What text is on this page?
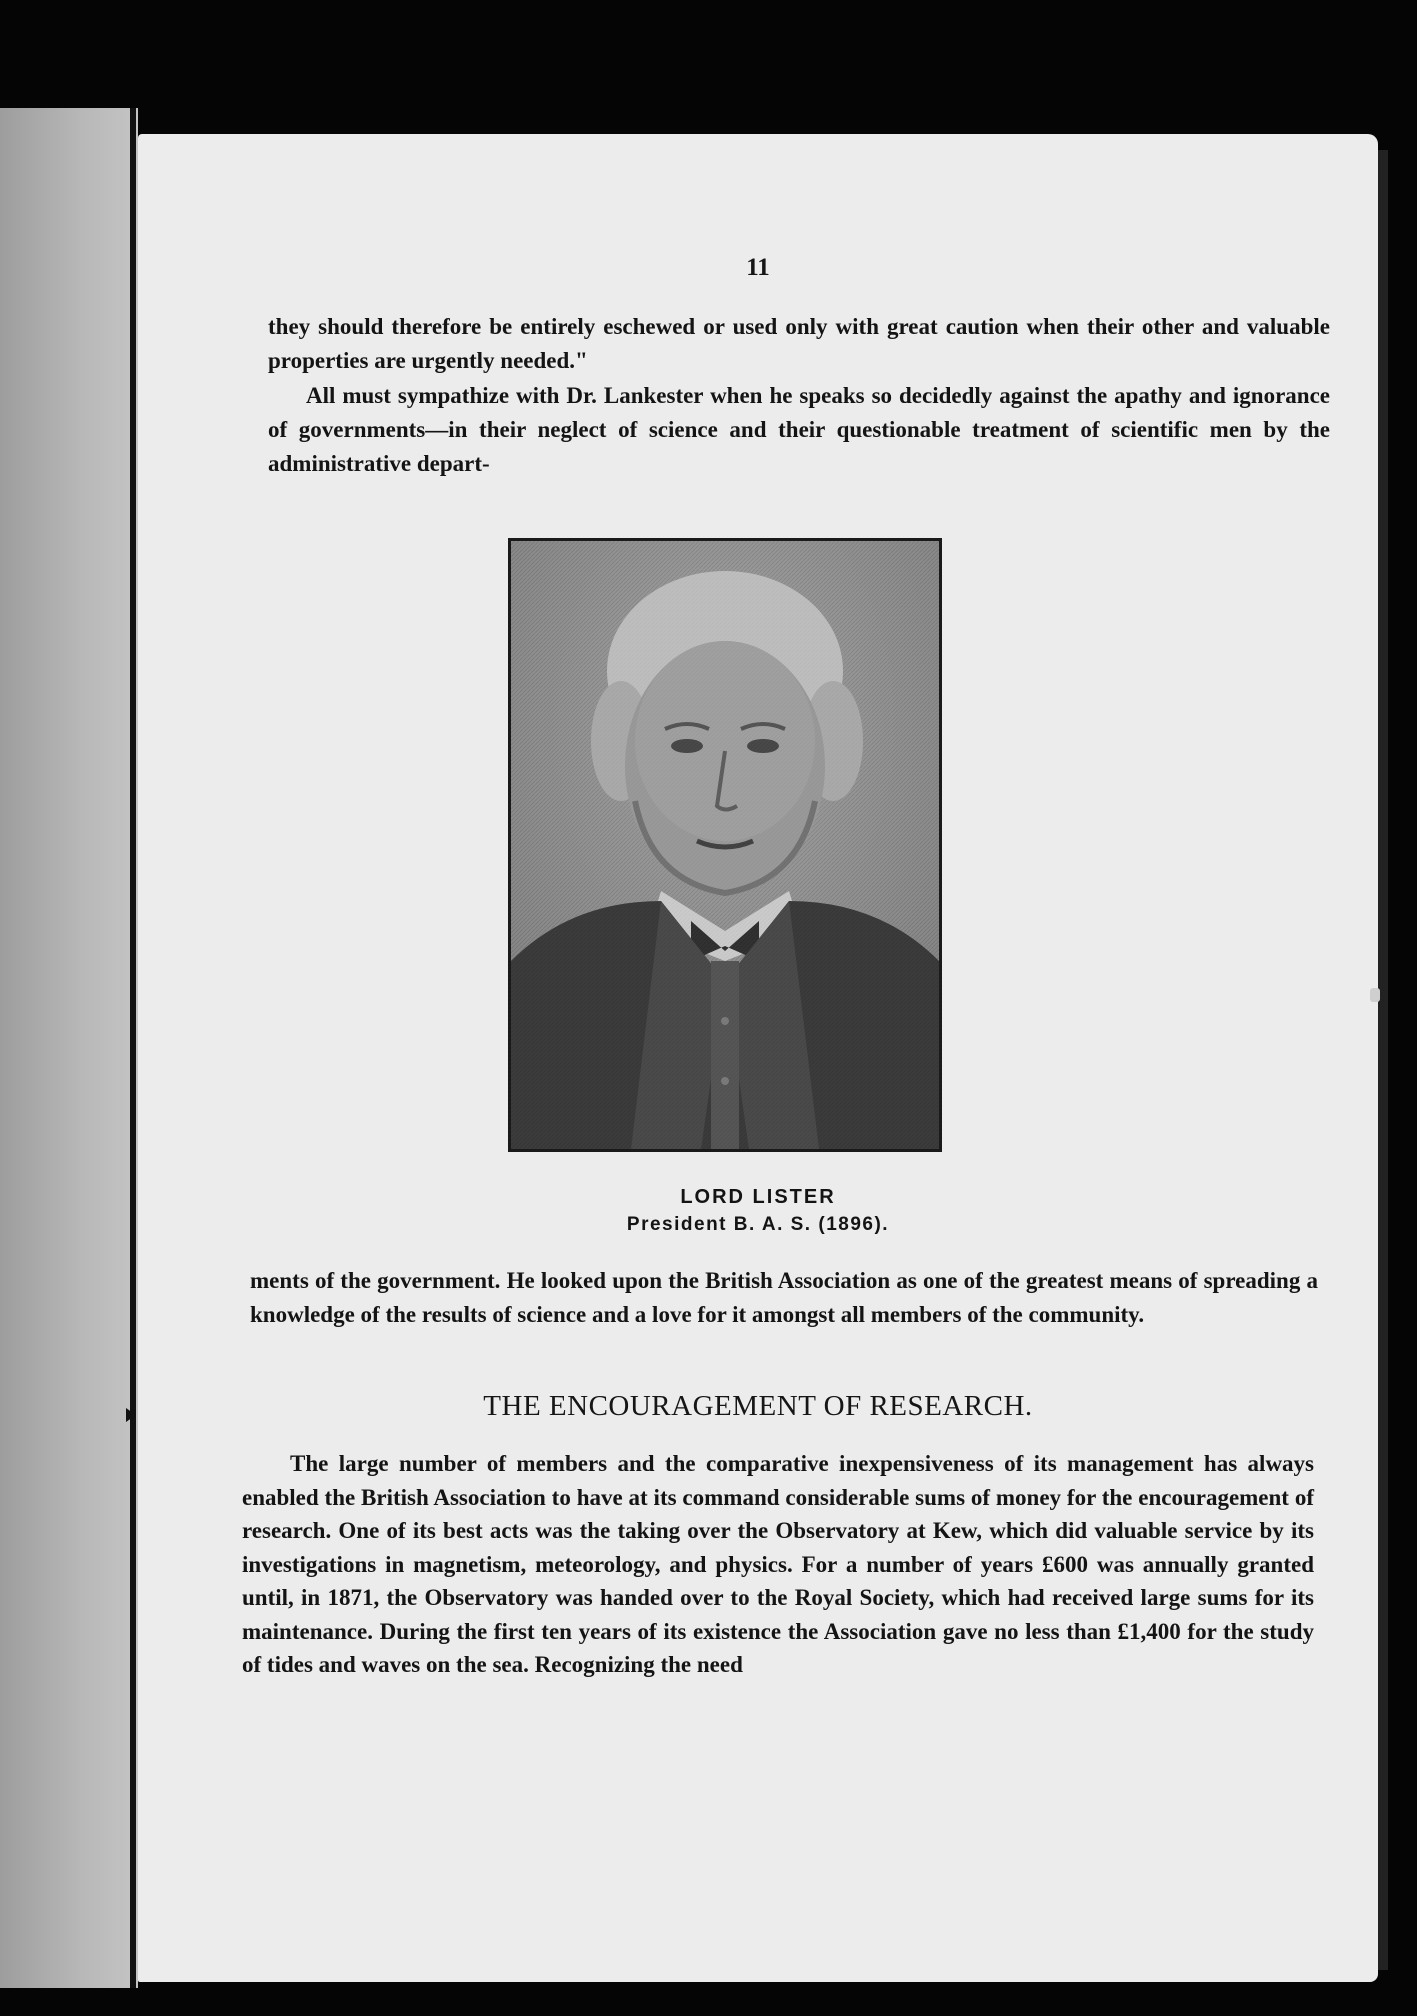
11

they should therefore be entirely eschewed or used only with great caution when their other and valuable properties are urgently needed."

All must sympathize with Dr. Lankester when he speaks so decidedly against the apathy and ignorance of governments—in their neglect of science and their questionable treatment of scientific men by the administrative depart-

LORD LISTER
President B. A. S. (1896).

ments of the government. He looked upon the British Association as one of the greatest means of spreading a knowledge of the results of science and a love for it amongst all members of the community.

THE ENCOURAGEMENT OF RESEARCH.

The large number of members and the comparative inexpensiveness of its management has always enabled the British Association to have at its command considerable sums of money for the encouragement of research. One of its best acts was the taking over the Observatory at Kew, which did valuable service by its investigations in magnetism, meteorology, and physics. For a number of years £600 was annually granted until, in 1871, the Observatory was handed over to the Royal Society, which had received large sums for its maintenance. During the first ten years of its existence the Association gave no less than £1,400 for the study of tides and waves on the sea. Recognizing the need
